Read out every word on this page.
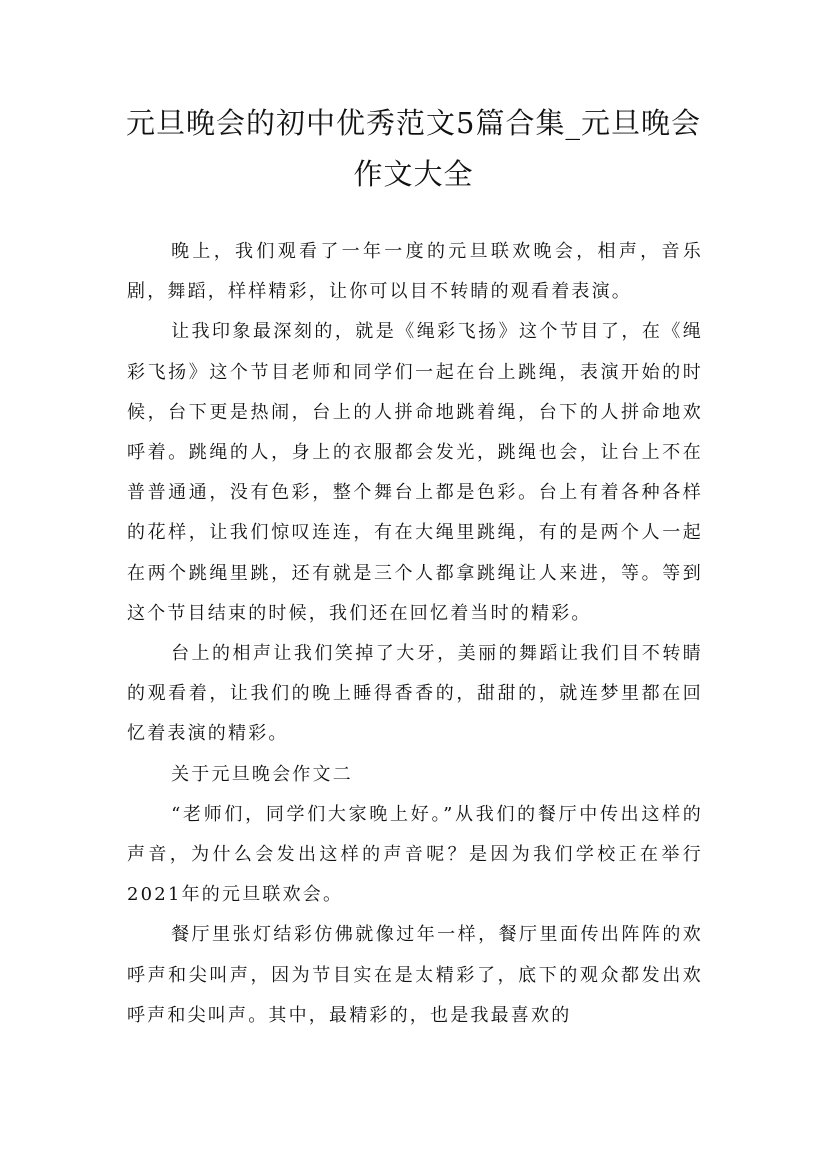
元旦晚会的初中优秀范文5篇合集_元旦晚会作文大全

晚上，我们观看了一年一度的元旦联欢晚会，相声，音乐剧，舞蹈，样样精彩，让你可以目不转睛的观看着表演。

让我印象最深刻的，就是《绳彩飞扬》这个节目了，在《绳彩飞扬》这个节目老师和同学们一起在台上跳绳，表演开始的时候，台下更是热闹，台上的人拼命地跳着绳，台下的人拼命地欢呼着。跳绳的人，身上的衣服都会发光，跳绳也会，让台上不在普普通通，没有色彩，整个舞台上都是色彩。台上有着各种各样的花样，让我们惊叹连连，有在大绳里跳绳，有的是两个人一起在两个跳绳里跳，还有就是三个人都拿跳绳让人来进，等。等到这个节目结束的时候，我们还在回忆着当时的精彩。

台上的相声让我们笑掉了大牙，美丽的舞蹈让我们目不转睛的观看着，让我们的晚上睡得香香的，甜甜的，就连梦里都在回忆着表演的精彩。

关于元旦晚会作文二

“老师们，同学们大家晚上好。”从我们的餐厅中传出这样的声音，为什么会发出这样的声音呢？是因为我们学校正在举行2021年的元旦联欢会。

餐厅里张灯结彩仿佛就像过年一样，餐厅里面传出阵阵的欢呼声和尖叫声，因为节目实在是太精彩了，底下的观众都发出欢呼声和尖叫声。其中，最精彩的，也是我最喜欢的
